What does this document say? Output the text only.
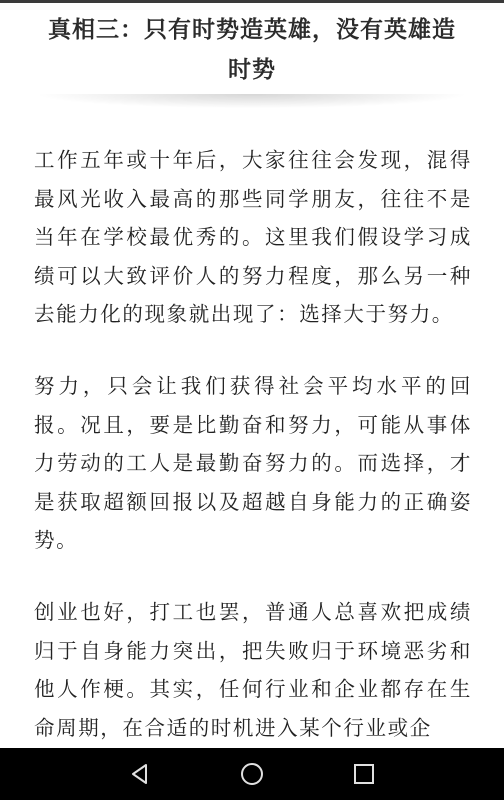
真相三：只有时势造英雄，没有英雄造时势

工作五年或十年后，大家往往会发现，混得最风光收入最高的那些同学朋友，往往不是当年在学校最优秀的。这里我们假设学习成绩可以大致评价人的努力程度，那么另一种去能力化的现象就出现了：选择大于努力。

努力，只会让我们获得社会平均水平的回报。况且，要是比勤奋和努力，可能从事体力劳动的工人是最勤奋努力的。而选择，才是获取超额回报以及超越自身能力的正确姿势。

创业也好，打工也罢，普通人总喜欢把成绩归于自身能力突出，把失败归于环境恶劣和他人作梗。其实，任何行业和企业都存在生命周期，在合适的时机进入某个行业或企
